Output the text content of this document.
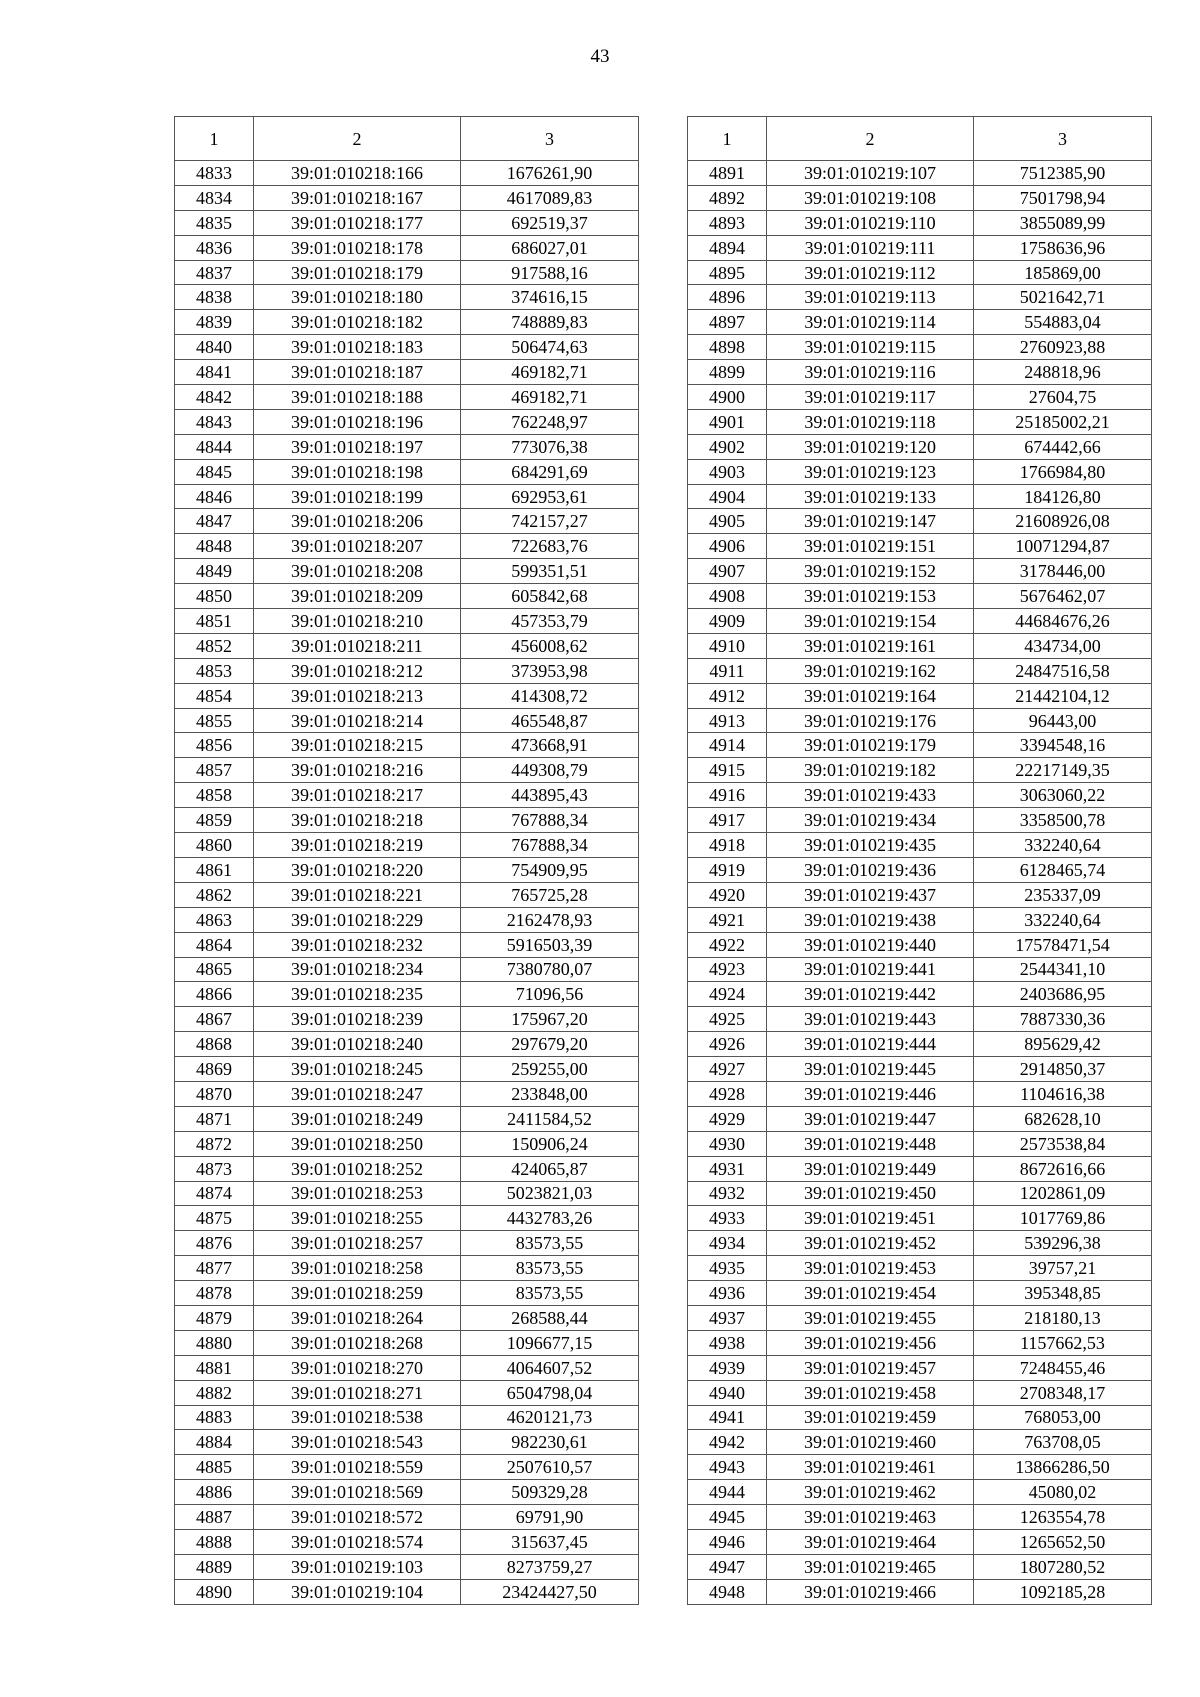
43
1	2	3
4833	39:01:010218:166	1676261,90
4834	39:01:010218:167	4617089,83
4835	39:01:010218:177	692519,37
4836	39:01:010218:178	686027,01
4837	39:01:010218:179	917588,16
4838	39:01:010218:180	374616,15
4839	39:01:010218:182	748889,83
4840	39:01:010218:183	506474,63
4841	39:01:010218:187	469182,71
4842	39:01:010218:188	469182,71
4843	39:01:010218:196	762248,97
4844	39:01:010218:197	773076,38
4845	39:01:010218:198	684291,69
4846	39:01:010218:199	692953,61
4847	39:01:010218:206	742157,27
4848	39:01:010218:207	722683,76
4849	39:01:010218:208	599351,51
4850	39:01:010218:209	605842,68
4851	39:01:010218:210	457353,79
4852	39:01:010218:211	456008,62
4853	39:01:010218:212	373953,98
4854	39:01:010218:213	414308,72
4855	39:01:010218:214	465548,87
4856	39:01:010218:215	473668,91
4857	39:01:010218:216	449308,79
4858	39:01:010218:217	443895,43
4859	39:01:010218:218	767888,34
4860	39:01:010218:219	767888,34
4861	39:01:010218:220	754909,95
4862	39:01:010218:221	765725,28
4863	39:01:010218:229	2162478,93
4864	39:01:010218:232	5916503,39
4865	39:01:010218:234	7380780,07
4866	39:01:010218:235	71096,56
4867	39:01:010218:239	175967,20
4868	39:01:010218:240	297679,20
4869	39:01:010218:245	259255,00
4870	39:01:010218:247	233848,00
4871	39:01:010218:249	2411584,52
4872	39:01:010218:250	150906,24
4873	39:01:010218:252	424065,87
4874	39:01:010218:253	5023821,03
4875	39:01:010218:255	4432783,26
4876	39:01:010218:257	83573,55
4877	39:01:010218:258	83573,55
4878	39:01:010218:259	83573,55
4879	39:01:010218:264	268588,44
4880	39:01:010218:268	1096677,15
4881	39:01:010218:270	4064607,52
4882	39:01:010218:271	6504798,04
4883	39:01:010218:538	4620121,73
4884	39:01:010218:543	982230,61
4885	39:01:010218:559	2507610,57
4886	39:01:010218:569	509329,28
4887	39:01:010218:572	69791,90
4888	39:01:010218:574	315637,45
4889	39:01:010219:103	8273759,27
4890	39:01:010219:104	23424427,50
1	2	3
4891	39:01:010219:107	7512385,90
4892	39:01:010219:108	7501798,94
4893	39:01:010219:110	3855089,99
4894	39:01:010219:111	1758636,96
4895	39:01:010219:112	185869,00
4896	39:01:010219:113	5021642,71
4897	39:01:010219:114	554883,04
4898	39:01:010219:115	2760923,88
4899	39:01:010219:116	248818,96
4900	39:01:010219:117	27604,75
4901	39:01:010219:118	25185002,21
4902	39:01:010219:120	674442,66
4903	39:01:010219:123	1766984,80
4904	39:01:010219:133	184126,80
4905	39:01:010219:147	21608926,08
4906	39:01:010219:151	10071294,87
4907	39:01:010219:152	3178446,00
4908	39:01:010219:153	5676462,07
4909	39:01:010219:154	44684676,26
4910	39:01:010219:161	434734,00
4911	39:01:010219:162	24847516,58
4912	39:01:010219:164	21442104,12
4913	39:01:010219:176	96443,00
4914	39:01:010219:179	3394548,16
4915	39:01:010219:182	22217149,35
4916	39:01:010219:433	3063060,22
4917	39:01:010219:434	3358500,78
4918	39:01:010219:435	332240,64
4919	39:01:010219:436	6128465,74
4920	39:01:010219:437	235337,09
4921	39:01:010219:438	332240,64
4922	39:01:010219:440	17578471,54
4923	39:01:010219:441	2544341,10
4924	39:01:010219:442	2403686,95
4925	39:01:010219:443	7887330,36
4926	39:01:010219:444	895629,42
4927	39:01:010219:445	2914850,37
4928	39:01:010219:446	1104616,38
4929	39:01:010219:447	682628,10
4930	39:01:010219:448	2573538,84
4931	39:01:010219:449	8672616,66
4932	39:01:010219:450	1202861,09
4933	39:01:010219:451	1017769,86
4934	39:01:010219:452	539296,38
4935	39:01:010219:453	39757,21
4936	39:01:010219:454	395348,85
4937	39:01:010219:455	218180,13
4938	39:01:010219:456	1157662,53
4939	39:01:010219:457	7248455,46
4940	39:01:010219:458	2708348,17
4941	39:01:010219:459	768053,00
4942	39:01:010219:460	763708,05
4943	39:01:010219:461	13866286,50
4944	39:01:010219:462	45080,02
4945	39:01:010219:463	1263554,78
4946	39:01:010219:464	1265652,50
4947	39:01:010219:465	1807280,52
4948	39:01:010219:466	1092185,28
